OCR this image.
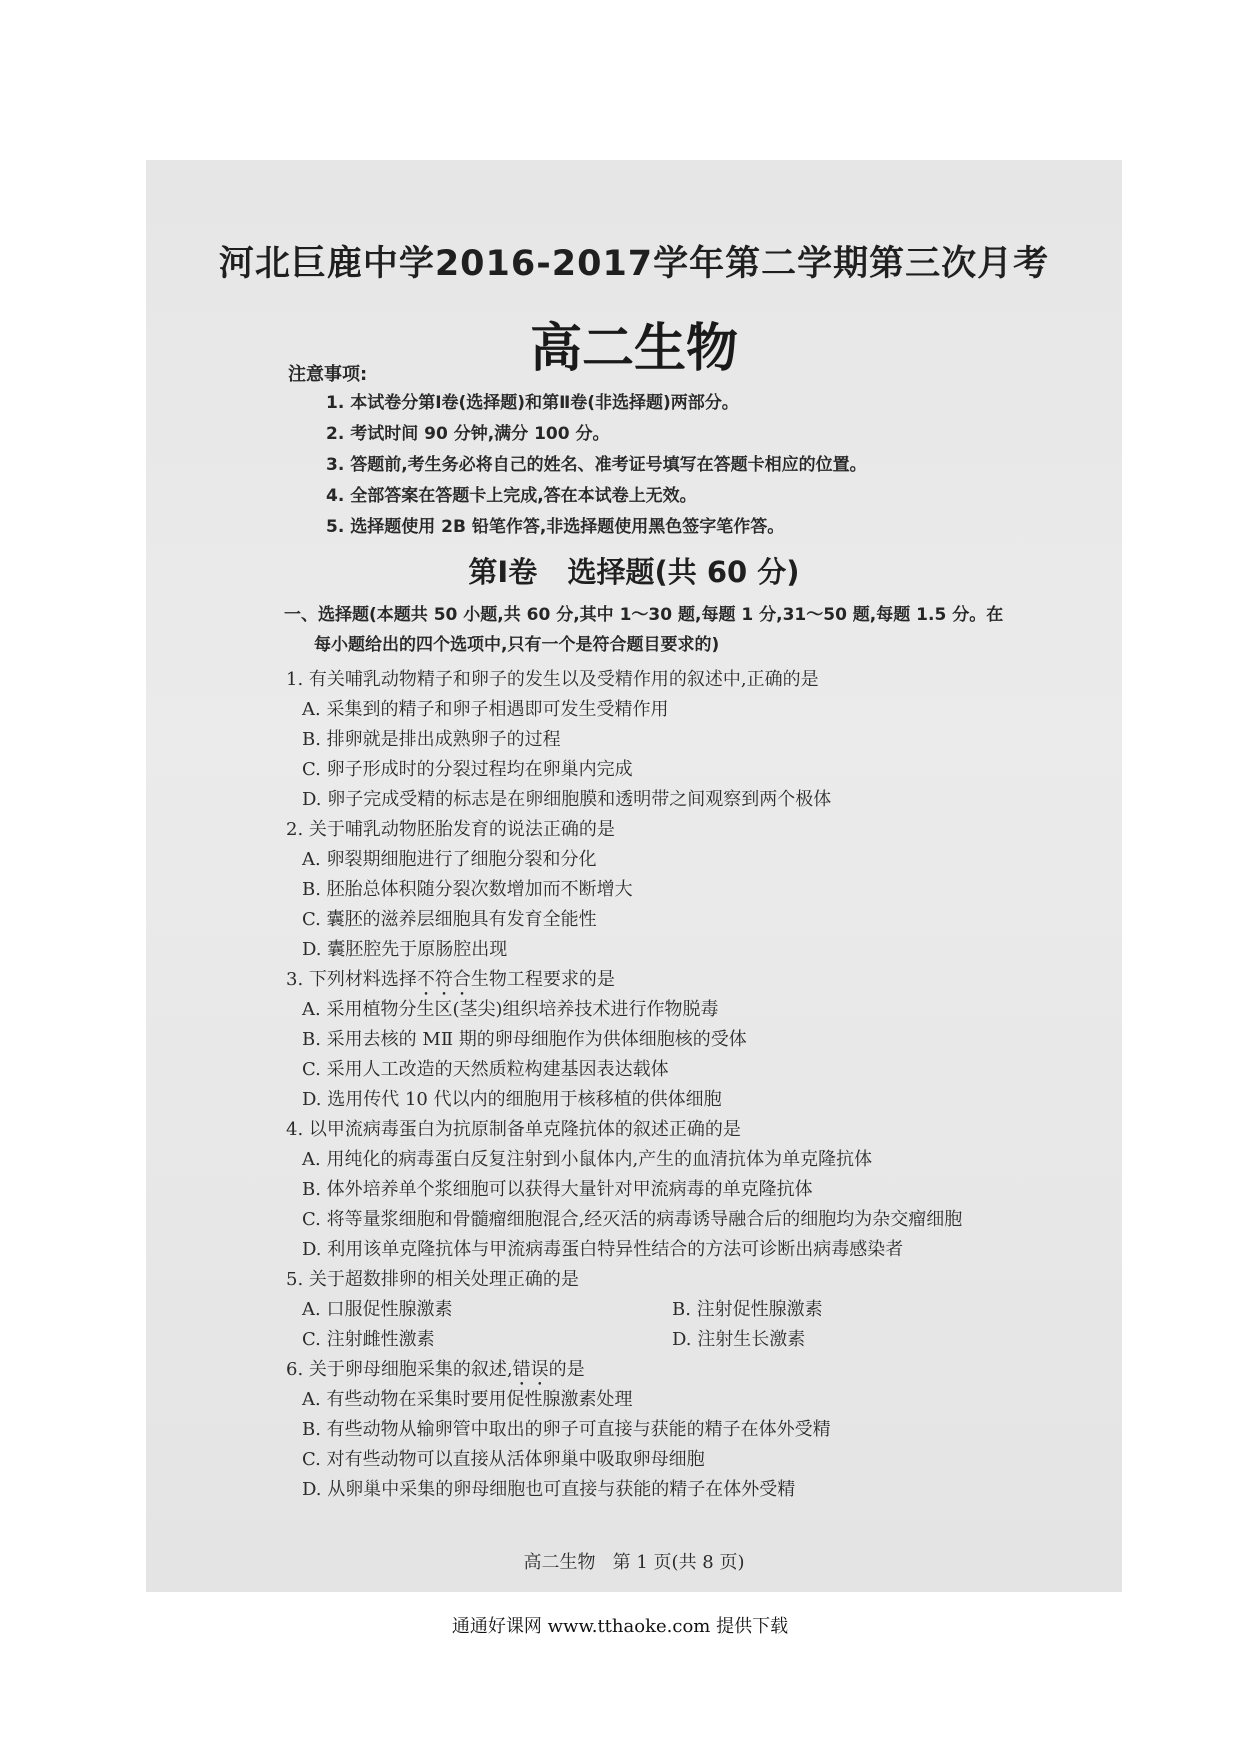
河北巨鹿中学2016-2017学年第二学期第三次月考
高二生物
注意事项:
1. 本试卷分第Ⅰ卷(选择题)和第Ⅱ卷(非选择题)两部分。
2. 考试时间 90 分钟,满分 100 分。
3. 答题前,考生务必将自己的姓名、准考证号填写在答题卡相应的位置。
4. 全部答案在答题卡上完成,答在本试卷上无效。
5. 选择题使用 2B 铅笔作答,非选择题使用黑色签字笔作答。
第Ⅰ卷   选择题(共 60 分)
一、选择题(本题共 50 小题,共 60 分,其中 1～30 题,每题 1 分,31～50 题,每题 1.5 分。在
每小题给出的四个选项中,只有一个是符合题目要求的)
1. 有关哺乳动物精子和卵子的发生以及受精作用的叙述中,正确的是
A. 采集到的精子和卵子相遇即可发生受精作用
B. 排卵就是排出成熟卵子的过程
C. 卵子形成时的分裂过程均在卵巢内完成
D. 卵子完成受精的标志是在卵细胞膜和透明带之间观察到两个极体
2. 关于哺乳动物胚胎发育的说法正确的是
A. 卵裂期细胞进行了细胞分裂和分化
B. 胚胎总体积随分裂次数增加而不断增大
C. 囊胚的滋养层细胞具有发育全能性
D. 囊胚腔先于原肠腔出现
3. 下列材料选择不符合生物工程要求的是
A. 采用植物分生区(茎尖)组织培养技术进行作物脱毒
B. 采用去核的 MⅡ 期的卵母细胞作为供体细胞核的受体
C. 采用人工改造的天然质粒构建基因表达载体
D. 选用传代 10 代以内的细胞用于核移植的供体细胞
4. 以甲流病毒蛋白为抗原制备单克隆抗体的叙述正确的是
A. 用纯化的病毒蛋白反复注射到小鼠体内,产生的血清抗体为单克隆抗体
B. 体外培养单个浆细胞可以获得大量针对甲流病毒的单克隆抗体
C. 将等量浆细胞和骨髓瘤细胞混合,经灭活的病毒诱导融合后的细胞均为杂交瘤细胞
D. 利用该单克隆抗体与甲流病毒蛋白特异性结合的方法可诊断出病毒感染者
5. 关于超数排卵的相关处理正确的是
A. 口服促性腺激素	B. 注射促性腺激素
C. 注射雌性激素	D. 注射生长激素
6. 关于卵母细胞采集的叙述,错误的是
A. 有些动物在采集时要用促性腺激素处理
B. 有些动物从输卵管中取出的卵子可直接与获能的精子在体外受精
C. 对有些动物可以直接从活体卵巢中吸取卵母细胞
D. 从卵巢中采集的卵母细胞也可直接与获能的精子在体外受精
高二生物   第 1 页(共 8 页)
通通好课网 www.tthaoke.com 提供下载
